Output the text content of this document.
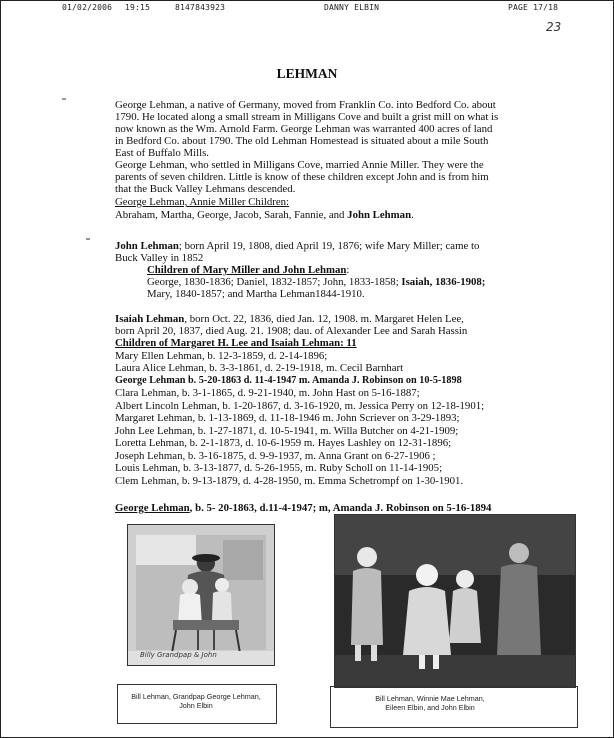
01/02/2006 19:15	8147843923	DANNY ELBIN	PAGE 17/18
23
LEHMAN

George Lehman, a native of Germany, moved from Franklin Co. into Bedford Co. about

1790. He located along a small stream in Milligans Cove and built a grist mill on what is

now known as the Wm. Arnold Farm. George Lehman was warranted 400 acres of land

in Bedford Co. about 1790. The old Lehman Homestead is situated about a mile South

East of Buffalo Mills.

George Lehman, who settled in Milligans Cove, married Annie Miller. They were the

parents of seven children. Little is know of these children except John and is from him

that the Buck Valley Lehmans descended.

George Lehman, Annie Miller Children:

Abraham, Martha, George, Jacob, Sarah, Fannie, and John Lehman.

John Lehman; born April 19, 1808, died April 19, 1876; wife Mary Miller; came to

Buck Valley in 1852

Children of Mary Miller and John Lehman:

George, 1830-1836; Daniel, 1832-1857; John, 1833-1858; Isaiah, 1836-1908;

Mary, 1840-1857; and Martha Lehman1844-1910.

Isaiah Lehman, born Oct. 22, 1836, died Jan. 12, 1908. m. Margaret Helen Lee,

born April 20, 1837, died Aug. 21. 1908; dau. of Alexander Lee and Sarah Hassin

Children of Margaret H. Lee and Isaiah Lehman: 11

Mary Ellen Lehman, b. 12-3-1859, d. 2-14-1896;

Laura Alice Lehman, b. 3-3-1861, d. 2-19-1918, m. Cecil Barnhart

George Lehman b. 5-20-1863 d. 11-4-1947 m. Amanda J. Robinson on 10-5-1898

Clara Lehman, b. 3-1-1865, d. 9-21-1940, m. John Hast on 5-16-1887;

Albert Lincoln Lehman, b. 1-20-1867, d. 3-16-1920, m. Jessica Perry on 12-18-1901;

Margaret Lehman, b. 1-13-1869, d. 11-18-1946 m. John Scriever on 3-29-1893;

John Lee Lehman, b. 1-27-1871, d. 10-5-1941, m. Willa Butcher on 4-21-1909;

Loretta Lehman, b. 2-1-1873, d. 10-6-1959 m. Hayes Lashley on 12-31-1896;

Joseph Lehman, b. 3-16-1875, d. 9-9-1937, m. Anna Grant on 6-27-1906 ;

Louis Lehman, b. 3-13-1877, d. 5-26-1955, m. Ruby Scholl on 11-14-1905;

Clem Lehman, b. 9-13-1879, d. 4-28-1950, m. Emma Schetrompf on 1-30-1901.

George Lehman, b. 5- 20-1863, d.11-4-1947; m, Amanda J. Robinson on 5-16-1894

Billy Grandpap & John
Bill Lehman, Grandpap George Lehman,
John Elbin
Bill Lehman, Winnie Mae Lehman,
Eileen Elbin, and John Elbin
